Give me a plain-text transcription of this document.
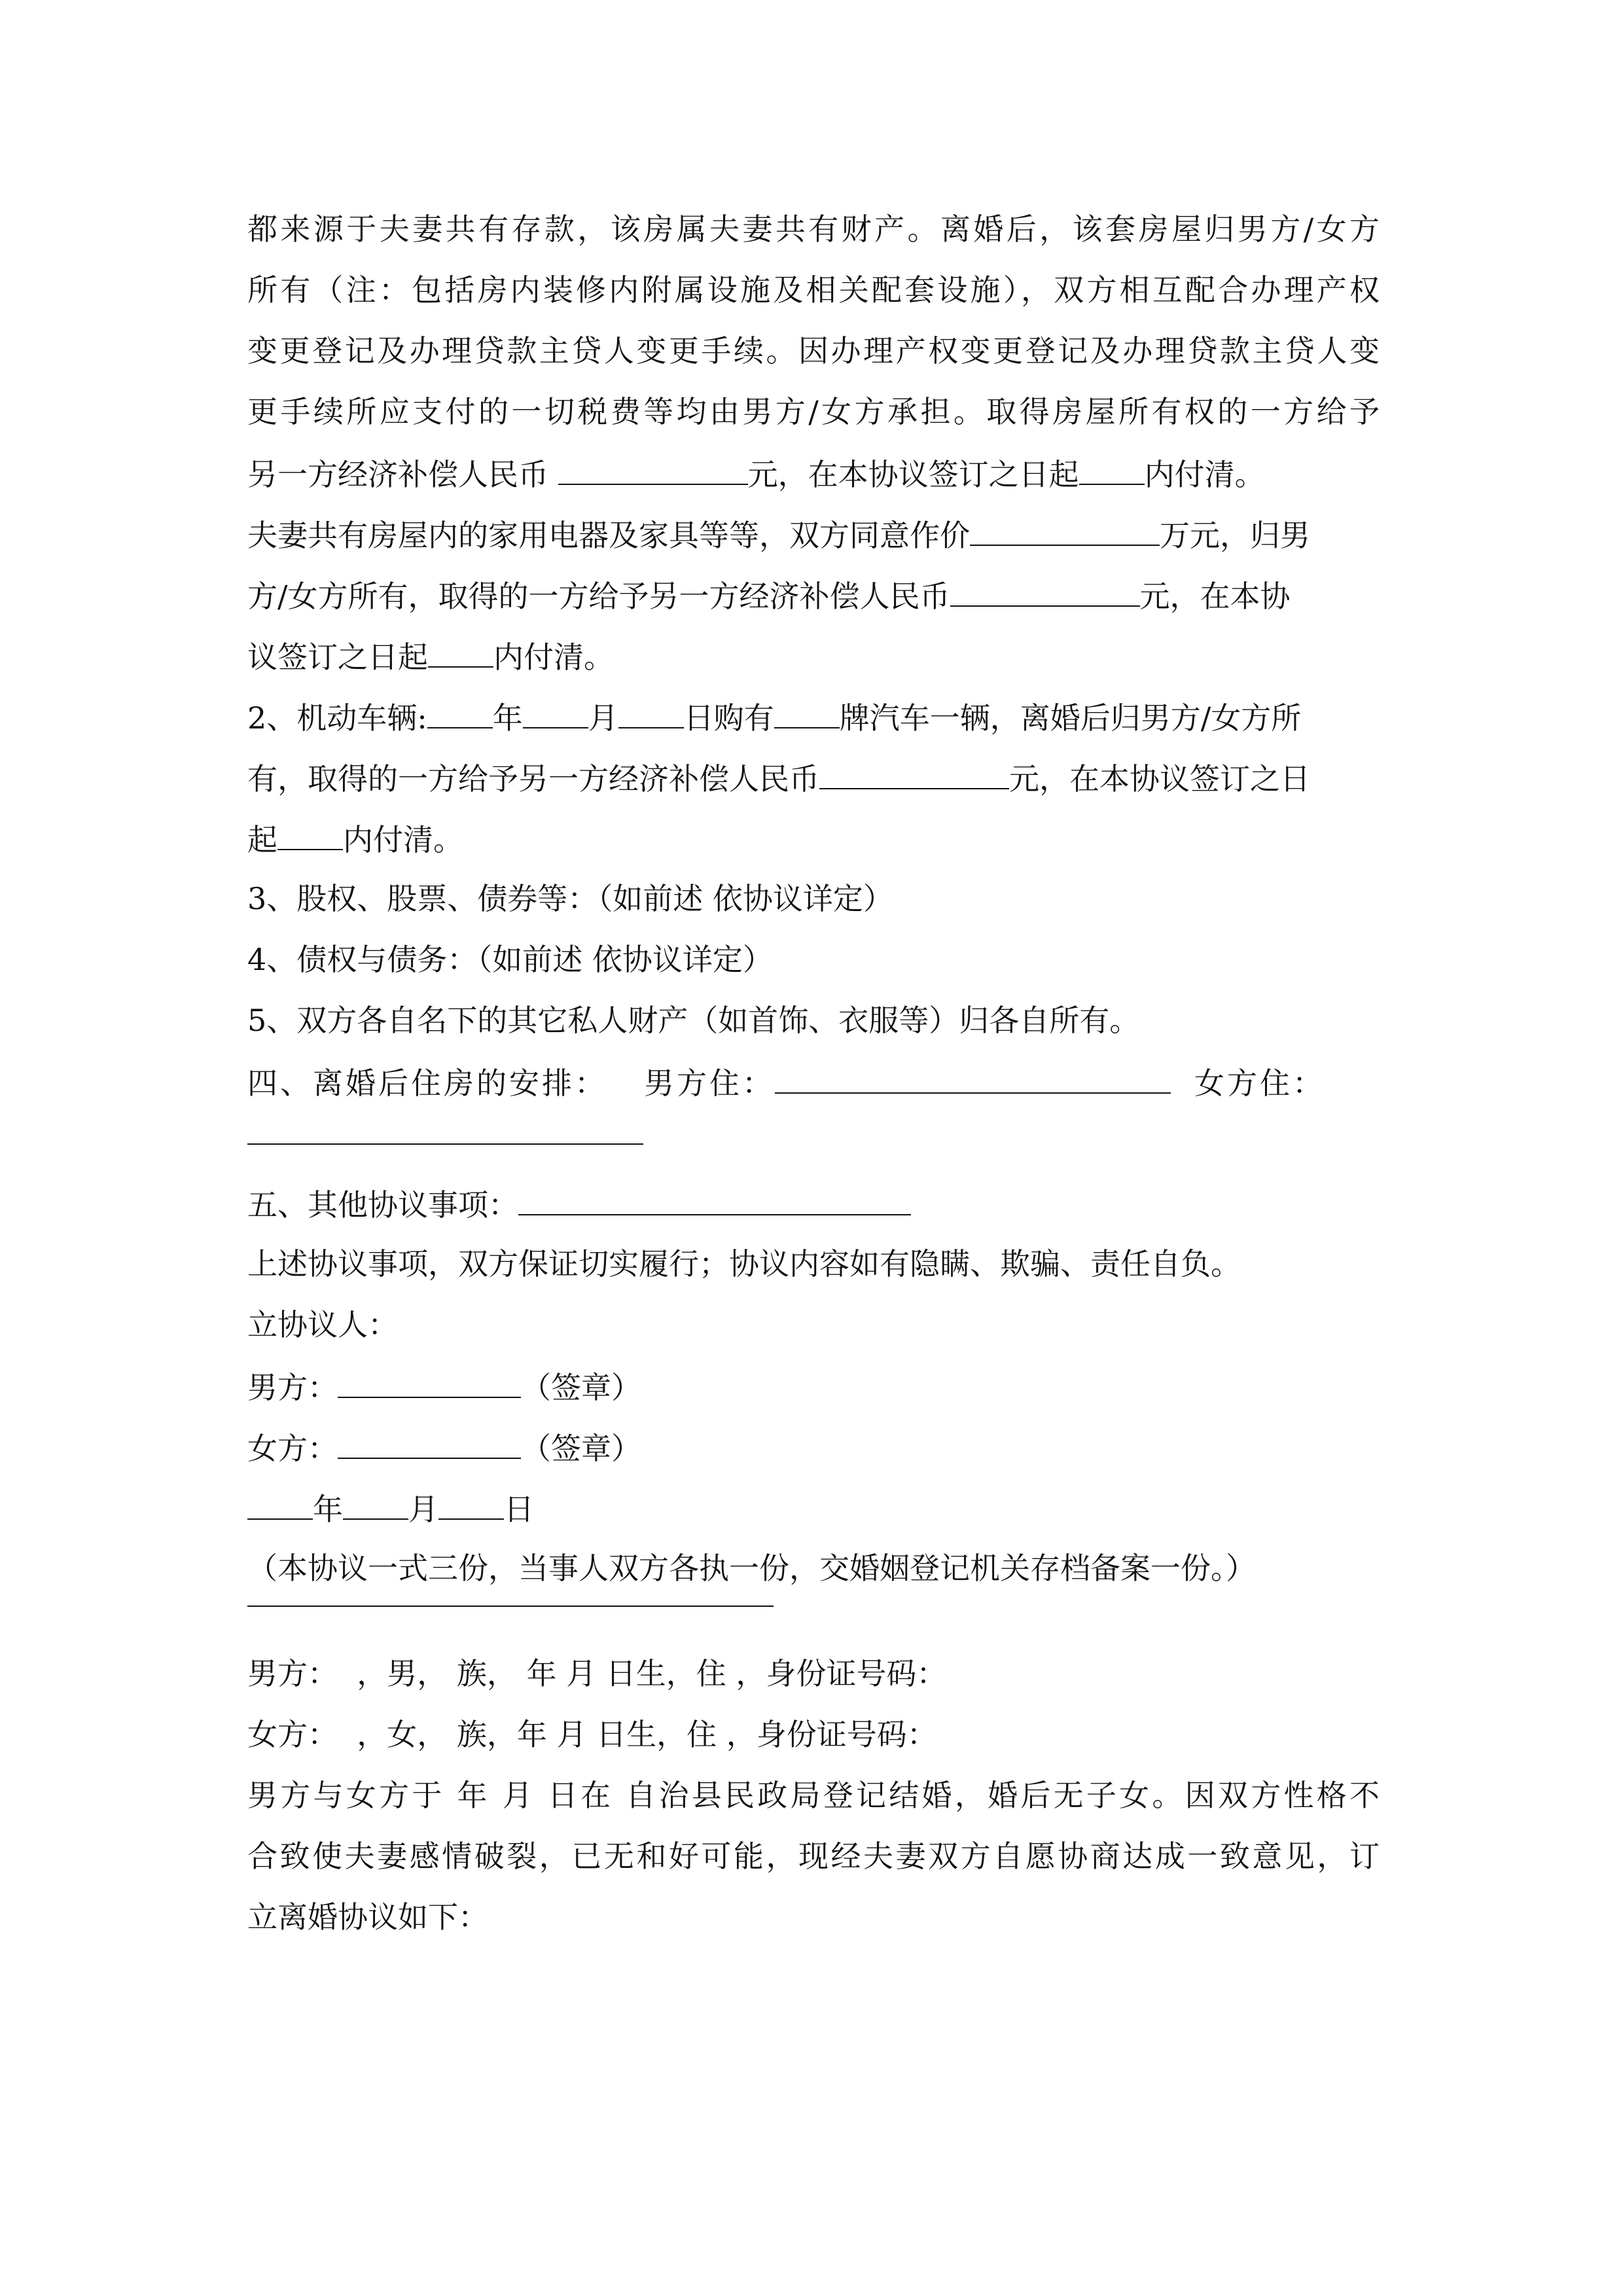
都来源于夫妻共有存款，该房属夫妻共有财产。离婚后，该套房屋归男方/女方
所有（注：包括房内装修内附属设施及相关配套设施），双方相互配合办理产权
变更登记及办理贷款主贷人变更手续。因办理产权变更登记及办理贷款主贷人变
更手续所应支付的一切税费等均由男方/女方承担。取得房屋所有权的一方给予
另一方经济补偿人民币	元，在本协议签订之日起 内付清。
夫妻共有房屋内的家用电器及家具等等，双方同意作价	万元，归男
方/女方所有，取得的一方给予另一方经济补偿人民币	元，在本协
议签订之日起 内付清。
2、机动车辆: 年 月 日购有 牌汽车一辆，离婚后归男方/女方所
有，取得的一方给予另一方经济补偿人民币	元，在本协议签订之日
起 内付清。
3、股权、股票、债券等：（如前述 依协议详定）
4、债权与债务：（如前述 依协议详定）
5、双方各自名下的其它私人财产（如首饰、衣服等）归各自所有。
四、离婚后住房的安排： 男方住：	女方住：
五、其他协议事项：
上述协议事项，双方保证切实履行；协议内容如有隐瞒、欺骗、责任自负。
立协议人：
男方：	（签章）
女方：	（签章）
年 月 日
（本协议一式三份，当事人双方各执一份，交婚姻登记机关存档备案一份。）
男方：  ，男， 族， 年 月 日生，住 ，身份证号码：
女方：  ，女， 族，年 月 日生，住 ，身份证号码：
男方与女方于 年 月 日在 自治县民政局登记结婚，婚后无子女。因双方性格不
合致使夫妻感情破裂，已无和好可能，现经夫妻双方自愿协商达成一致意见，订
立离婚协议如下：
